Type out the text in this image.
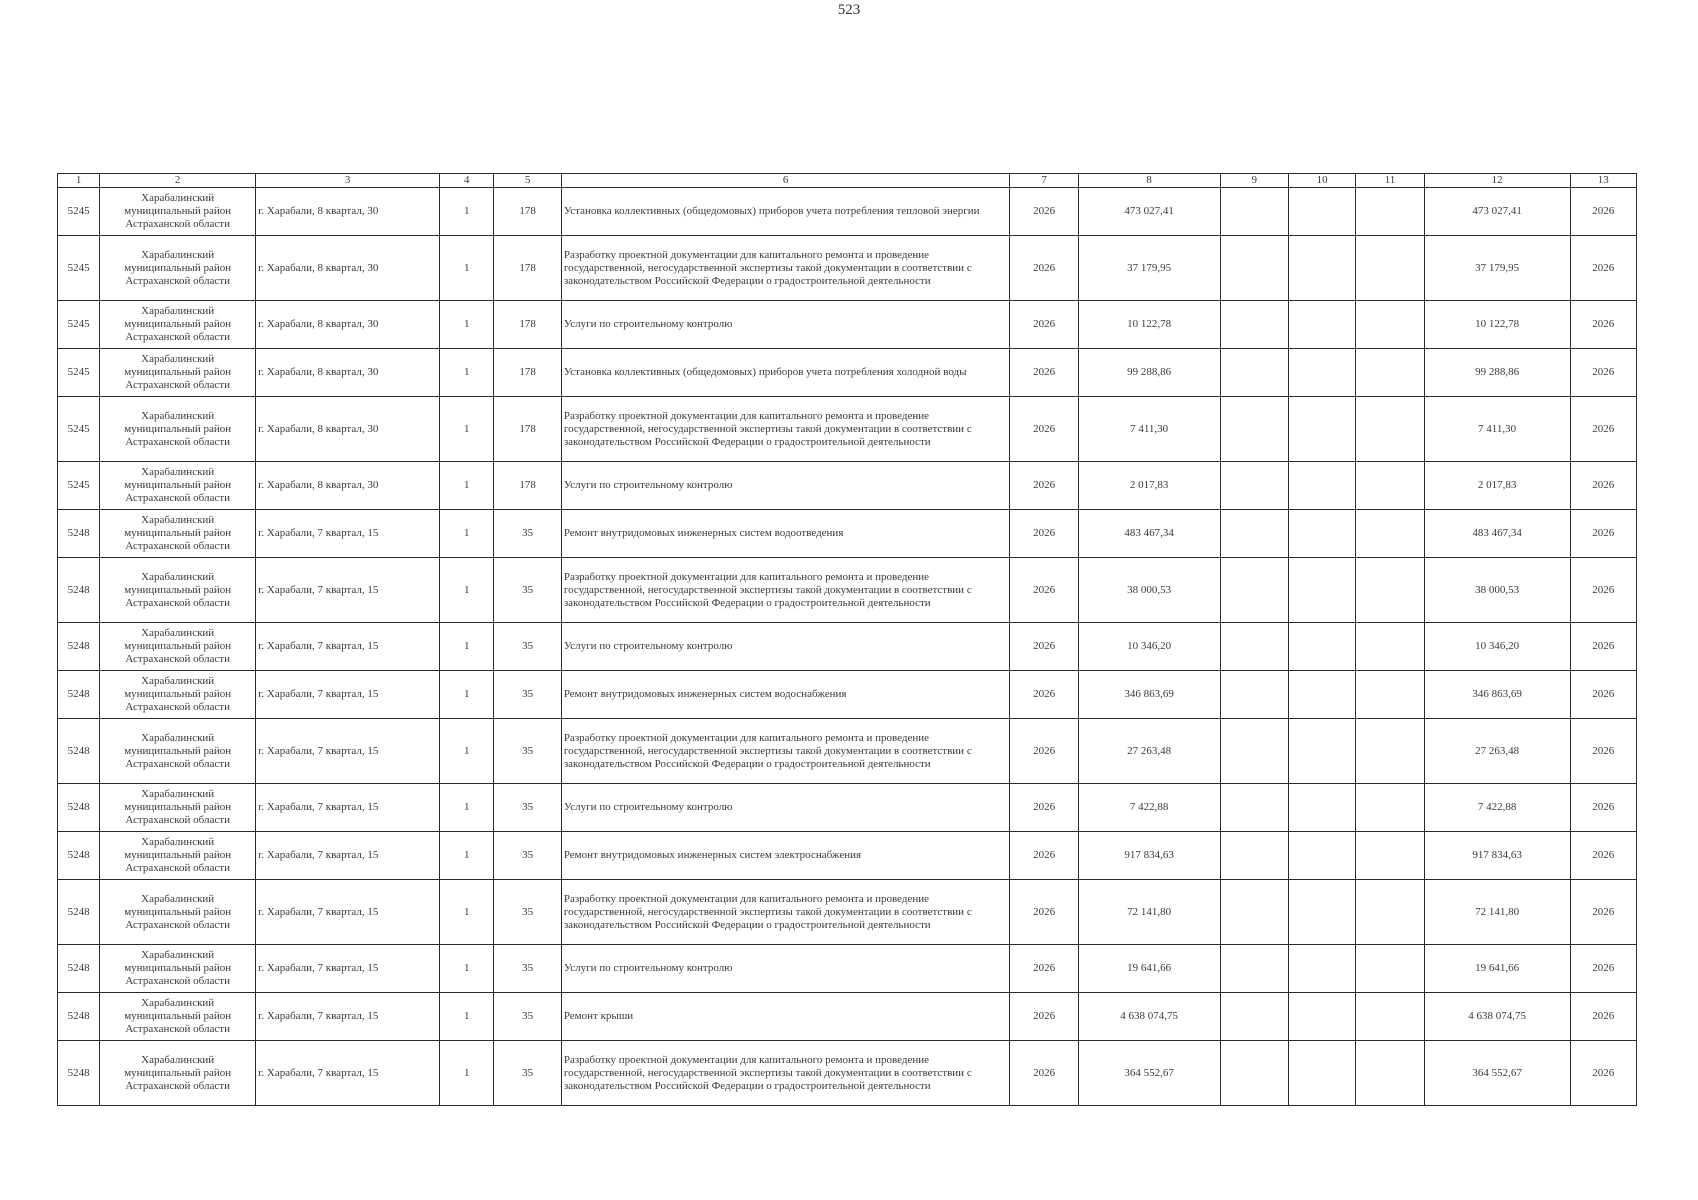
523
1	2	3	4	5	6	7	8	9	10	11	12	13
5245	Харабалинский муниципальный район Астраханской области	г. Харабали, 8 квартал, 30	1	178	Установка коллективных (общедомовых) приборов учета потребления тепловой энергии	2026	473 027,41				473 027,41	2026
5245	Харабалинский муниципальный район Астраханской области	г. Харабали, 8 квартал, 30	1	178	Разработку проектной документации для капитального ремонта и проведение государственной, негосударственной экспертизы такой документации в соответствии с законодательством Российской Федерации о градостроительной деятельности	2026	37 179,95				37 179,95	2026
5245	Харабалинский муниципальный район Астраханской области	г. Харабали, 8 квартал, 30	1	178	Услуги по строительному контролю	2026	10 122,78				10 122,78	2026
5245	Харабалинский муниципальный район Астраханской области	г. Харабали, 8 квартал, 30	1	178	Установка коллективных (общедомовых) приборов учета потребления холодной воды	2026	99 288,86				99 288,86	2026
5245	Харабалинский муниципальный район Астраханской области	г. Харабали, 8 квартал, 30	1	178	Разработку проектной документации для капитального ремонта и проведение государственной, негосударственной экспертизы такой документации в соответствии с законодательством Российской Федерации о градостроительной деятельности	2026	7 411,30				7 411,30	2026
5245	Харабалинский муниципальный район Астраханской области	г. Харабали, 8 квартал, 30	1	178	Услуги по строительному контролю	2026	2 017,83				2 017,83	2026
5248	Харабалинский муниципальный район Астраханской области	г. Харабали, 7 квартал, 15	1	35	Ремонт внутридомовых инженерных систем водоотведения	2026	483 467,34				483 467,34	2026
5248	Харабалинский муниципальный район Астраханской области	г. Харабали, 7 квартал, 15	1	35	Разработку проектной документации для капитального ремонта и проведение государственной, негосударственной экспертизы такой документации в соответствии с законодательством Российской Федерации о градостроительной деятельности	2026	38 000,53				38 000,53	2026
5248	Харабалинский муниципальный район Астраханской области	г. Харабали, 7 квартал, 15	1	35	Услуги по строительному контролю	2026	10 346,20				10 346,20	2026
5248	Харабалинский муниципальный район Астраханской области	г. Харабали, 7 квартал, 15	1	35	Ремонт внутридомовых инженерных систем водоснабжения	2026	346 863,69				346 863,69	2026
5248	Харабалинский муниципальный район Астраханской области	г. Харабали, 7 квартал, 15	1	35	Разработку проектной документации для капитального ремонта и проведение государственной, негосударственной экспертизы такой документации в соответствии с законодательством Российской Федерации о градостроительной деятельности	2026	27 263,48				27 263,48	2026
5248	Харабалинский муниципальный район Астраханской области	г. Харабали, 7 квартал, 15	1	35	Услуги по строительному контролю	2026	7 422,88				7 422,88	2026
5248	Харабалинский муниципальный район Астраханской области	г. Харабали, 7 квартал, 15	1	35	Ремонт внутридомовых инженерных систем электроснабжения	2026	917 834,63				917 834,63	2026
5248	Харабалинский муниципальный район Астраханской области	г. Харабали, 7 квартал, 15	1	35	Разработку проектной документации для капитального ремонта и проведение государственной, негосударственной экспертизы такой документации в соответствии с законодательством Российской Федерации о градостроительной деятельности	2026	72 141,80				72 141,80	2026
5248	Харабалинский муниципальный район Астраханской области	г. Харабали, 7 квартал, 15	1	35	Услуги по строительному контролю	2026	19 641,66				19 641,66	2026
5248	Харабалинский муниципальный район Астраханской области	г. Харабали, 7 квартал, 15	1	35	Ремонт крыши	2026	4 638 074,75				4 638 074,75	2026
5248	Харабалинский муниципальный район Астраханской области	г. Харабали, 7 квартал, 15	1	35	Разработку проектной документации для капитального ремонта и проведение государственной, негосударственной экспертизы такой документации в соответствии с законодательством Российской Федерации о градостроительной деятельности	2026	364 552,67				364 552,67	2026
